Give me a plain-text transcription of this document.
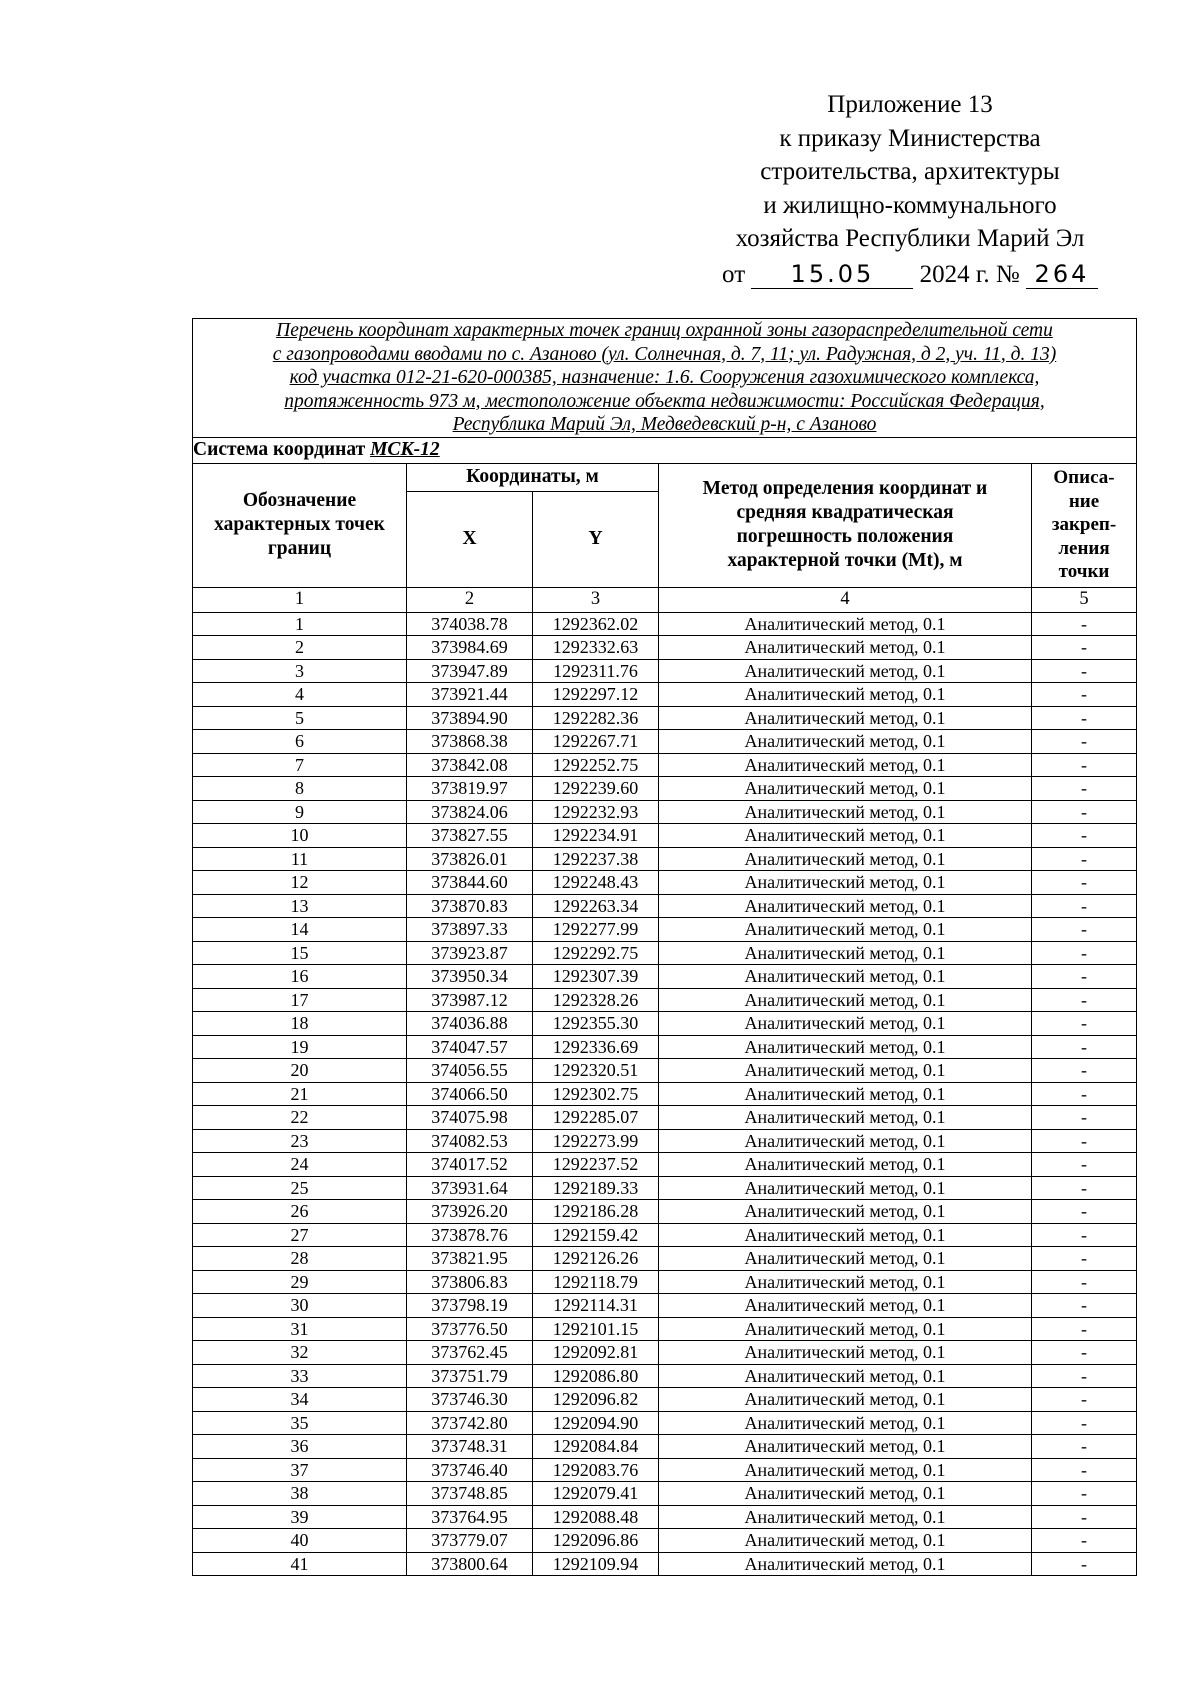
Приложение 13
к приказу Министерства
строительства, архитектуры
и жилищно-коммунального
хозяйства Республики Марий Эл
от 15.05 2024 г. № 264
Перечень координат характерных точек границ охранной зоны газораспределительной сети
с газопроводами вводами по с. Азаново (ул. Солнечная, д. 7, 11; ул. Радужная, д 2, уч. 11, д. 13)
код участка 012-21-620-000385, назначение: 1.6. Сооружения газохимического комплекса,
протяженность 973 м, местоположение объекта недвижимости: Российская Федерация,
Республика Марий Эл, Медведевский р-н, с Азаново				

Система координат МСК-12				
Обозначение характерных точек границ	Координаты, м		Метод определения координат и средняя квадратическая погрешность положения характерной точки (Mt), м	Описа-
ние
закреп-
ления
точки

	X	Y		
1	2	3	4	5
1	374038.78	1292362.02	Аналитический метод, 0.1	-
2	373984.69	1292332.63	Аналитический метод, 0.1	-
3	373947.89	1292311.76	Аналитический метод, 0.1	-
4	373921.44	1292297.12	Аналитический метод, 0.1	-
5	373894.90	1292282.36	Аналитический метод, 0.1	-
6	373868.38	1292267.71	Аналитический метод, 0.1	-
7	373842.08	1292252.75	Аналитический метод, 0.1	-
8	373819.97	1292239.60	Аналитический метод, 0.1	-
9	373824.06	1292232.93	Аналитический метод, 0.1	-
10	373827.55	1292234.91	Аналитический метод, 0.1	-
11	373826.01	1292237.38	Аналитический метод, 0.1	-
12	373844.60	1292248.43	Аналитический метод, 0.1	-
13	373870.83	1292263.34	Аналитический метод, 0.1	-
14	373897.33	1292277.99	Аналитический метод, 0.1	-
15	373923.87	1292292.75	Аналитический метод, 0.1	-
16	373950.34	1292307.39	Аналитический метод, 0.1	-
17	373987.12	1292328.26	Аналитический метод, 0.1	-
18	374036.88	1292355.30	Аналитический метод, 0.1	-
19	374047.57	1292336.69	Аналитический метод, 0.1	-
20	374056.55	1292320.51	Аналитический метод, 0.1	-
21	374066.50	1292302.75	Аналитический метод, 0.1	-
22	374075.98	1292285.07	Аналитический метод, 0.1	-
23	374082.53	1292273.99	Аналитический метод, 0.1	-
24	374017.52	1292237.52	Аналитический метод, 0.1	-
25	373931.64	1292189.33	Аналитический метод, 0.1	-
26	373926.20	1292186.28	Аналитический метод, 0.1	-
27	373878.76	1292159.42	Аналитический метод, 0.1	-
28	373821.95	1292126.26	Аналитический метод, 0.1	-
29	373806.83	1292118.79	Аналитический метод, 0.1	-
30	373798.19	1292114.31	Аналитический метод, 0.1	-
31	373776.50	1292101.15	Аналитический метод, 0.1	-
32	373762.45	1292092.81	Аналитический метод, 0.1	-
33	373751.79	1292086.80	Аналитический метод, 0.1	-
34	373746.30	1292096.82	Аналитический метод, 0.1	-
35	373742.80	1292094.90	Аналитический метод, 0.1	-
36	373748.31	1292084.84	Аналитический метод, 0.1	-
37	373746.40	1292083.76	Аналитический метод, 0.1	-
38	373748.85	1292079.41	Аналитический метод, 0.1	-
39	373764.95	1292088.48	Аналитический метод, 0.1	-
40	373779.07	1292096.86	Аналитический метод, 0.1	-
41	373800.64	1292109.94	Аналитический метод, 0.1	-
